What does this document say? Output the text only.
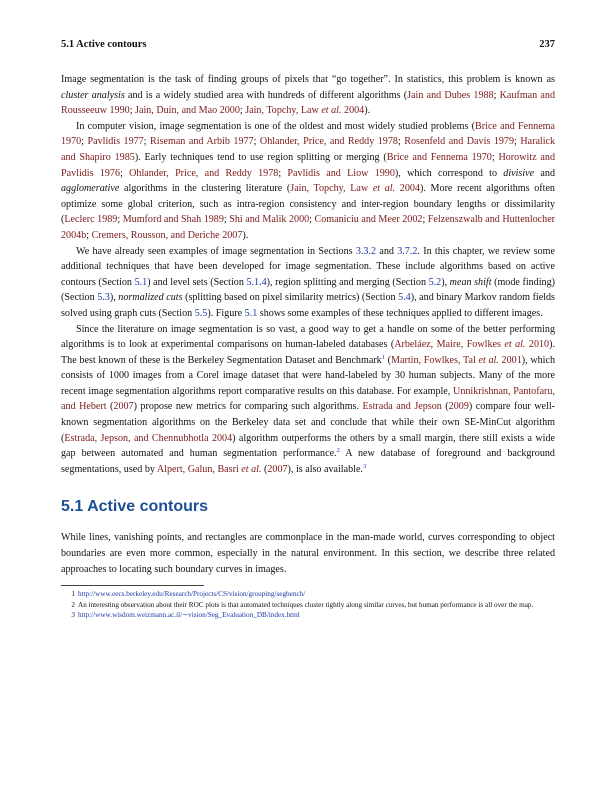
5.1 Active contours	237

Image segmentation is the task of finding groups of pixels that “go together”. In statistics, this problem is known as cluster analysis and is a widely studied area with hundreds of different algorithms (Jain and Dubes 1988; Kaufman and Rousseeuw 1990; Jain, Duin, and Mao 2000; Jain, Topchy, Law et al. 2004).

In computer vision, image segmentation is one of the oldest and most widely studied problems (Brice and Fennema 1970; Pavlidis 1977; Riseman and Arbib 1977; Ohlander, Price, and Reddy 1978; Rosenfeld and Davis 1979; Haralick and Shapiro 1985). Early techniques tend to use region splitting or merging (Brice and Fennema 1970; Horowitz and Pavlidis 1976; Ohlander, Price, and Reddy 1978; Pavlidis and Liow 1990), which correspond to divisive and agglomerative algorithms in the clustering literature (Jain, Topchy, Law et al. 2004). More recent algorithms often optimize some global criterion, such as intra-region consistency and inter-region boundary lengths or dissimilarity (Leclerc 1989; Mumford and Shah 1989; Shi and Malik 2000; Comaniciu and Meer 2002; Felzenszwalb and Huttenlocher 2004b; Cremers, Rousson, and Deriche 2007).

We have already seen examples of image segmentation in Sections 3.3.2 and 3.7.2. In this chapter, we review some additional techniques that have been developed for image segmentation. These include algorithms based on active contours (Section 5.1) and level sets (Section 5.1.4), region splitting and merging (Section 5.2), mean shift (mode finding) (Section 5.3), normalized cuts (splitting based on pixel similarity metrics) (Section 5.4), and binary Markov random fields solved using graph cuts (Section 5.5). Figure 5.1 shows some examples of these techniques applied to different images.

Since the literature on image segmentation is so vast, a good way to get a handle on some of the better performing algorithms is to look at experimental comparisons on human-labeled databases (Arbeláez, Maire, Fowlkes et al. 2010). The best known of these is the Berkeley Segmentation Dataset and Benchmark$^1$ (Martin, Fowlkes, Tal et al. 2001), which consists of 1000 images from a Corel image dataset that were hand-labeled by 30 human subjects. Many of the more recent image segmentation algorithms report comparative results on this database. For example, Unnikrishnan, Pantofaru, and Hebert (2007) propose new metrics for comparing such algorithms. Estrada and Jepson (2009) compare four well-known segmentation algorithms on the Berkeley data set and conclude that while their own SE-MinCut algorithm (Estrada, Jepson, and Chennubhotla 2004) algorithm outperforms the others by a small margin, there still exists a wide gap between automated and human segmentation performance.$^2$ A new database of foreground and background segmentations, used by Alpert, Galun, Basri et al. (2007), is also available.$^3$

5.1 Active contours

While lines, vanishing points, and rectangles are commonplace in the man-made world, curves corresponding to object boundaries are even more common, especially in the natural environment. In this section, we describe three related approaches to locating such boundary curves in images.

1 http://www.eecs.berkeley.edu/Research/Projects/CS/vision/grouping/segbench/
2 An interesting observation about their ROC plots is that automated techniques cluster tightly along similar curves, but human performance is all over the map.
3 http://www.wisdom.weizmann.ac.il/∼vision/Seg_Evaluation_DB/index.html
